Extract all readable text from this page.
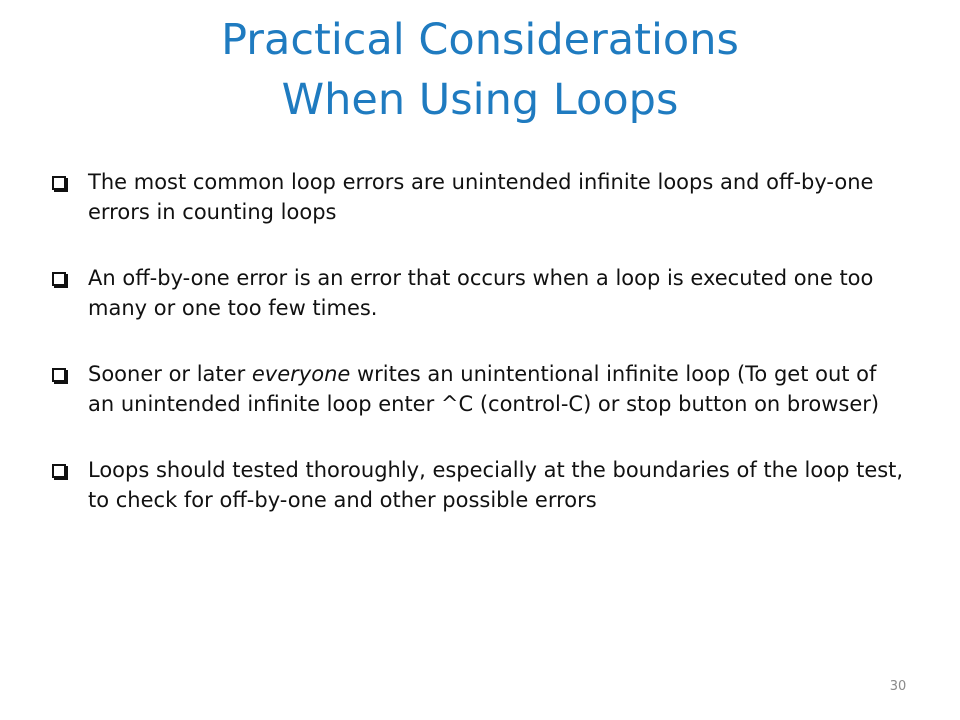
Practical Considerations
When Using Loops
The most common loop errors are unintended infinite loops and off-by-one errors in counting loops
An off-by-one error is an error that occurs when a loop is executed one too many or one too few times.
Sooner or later everyone writes an unintentional infinite loop (To get out of an unintended infinite loop enter ^C (control-C) or stop button on browser)
Loops should tested thoroughly, especially at the boundaries of the loop test, to check for off-by-one and other possible errors
30
